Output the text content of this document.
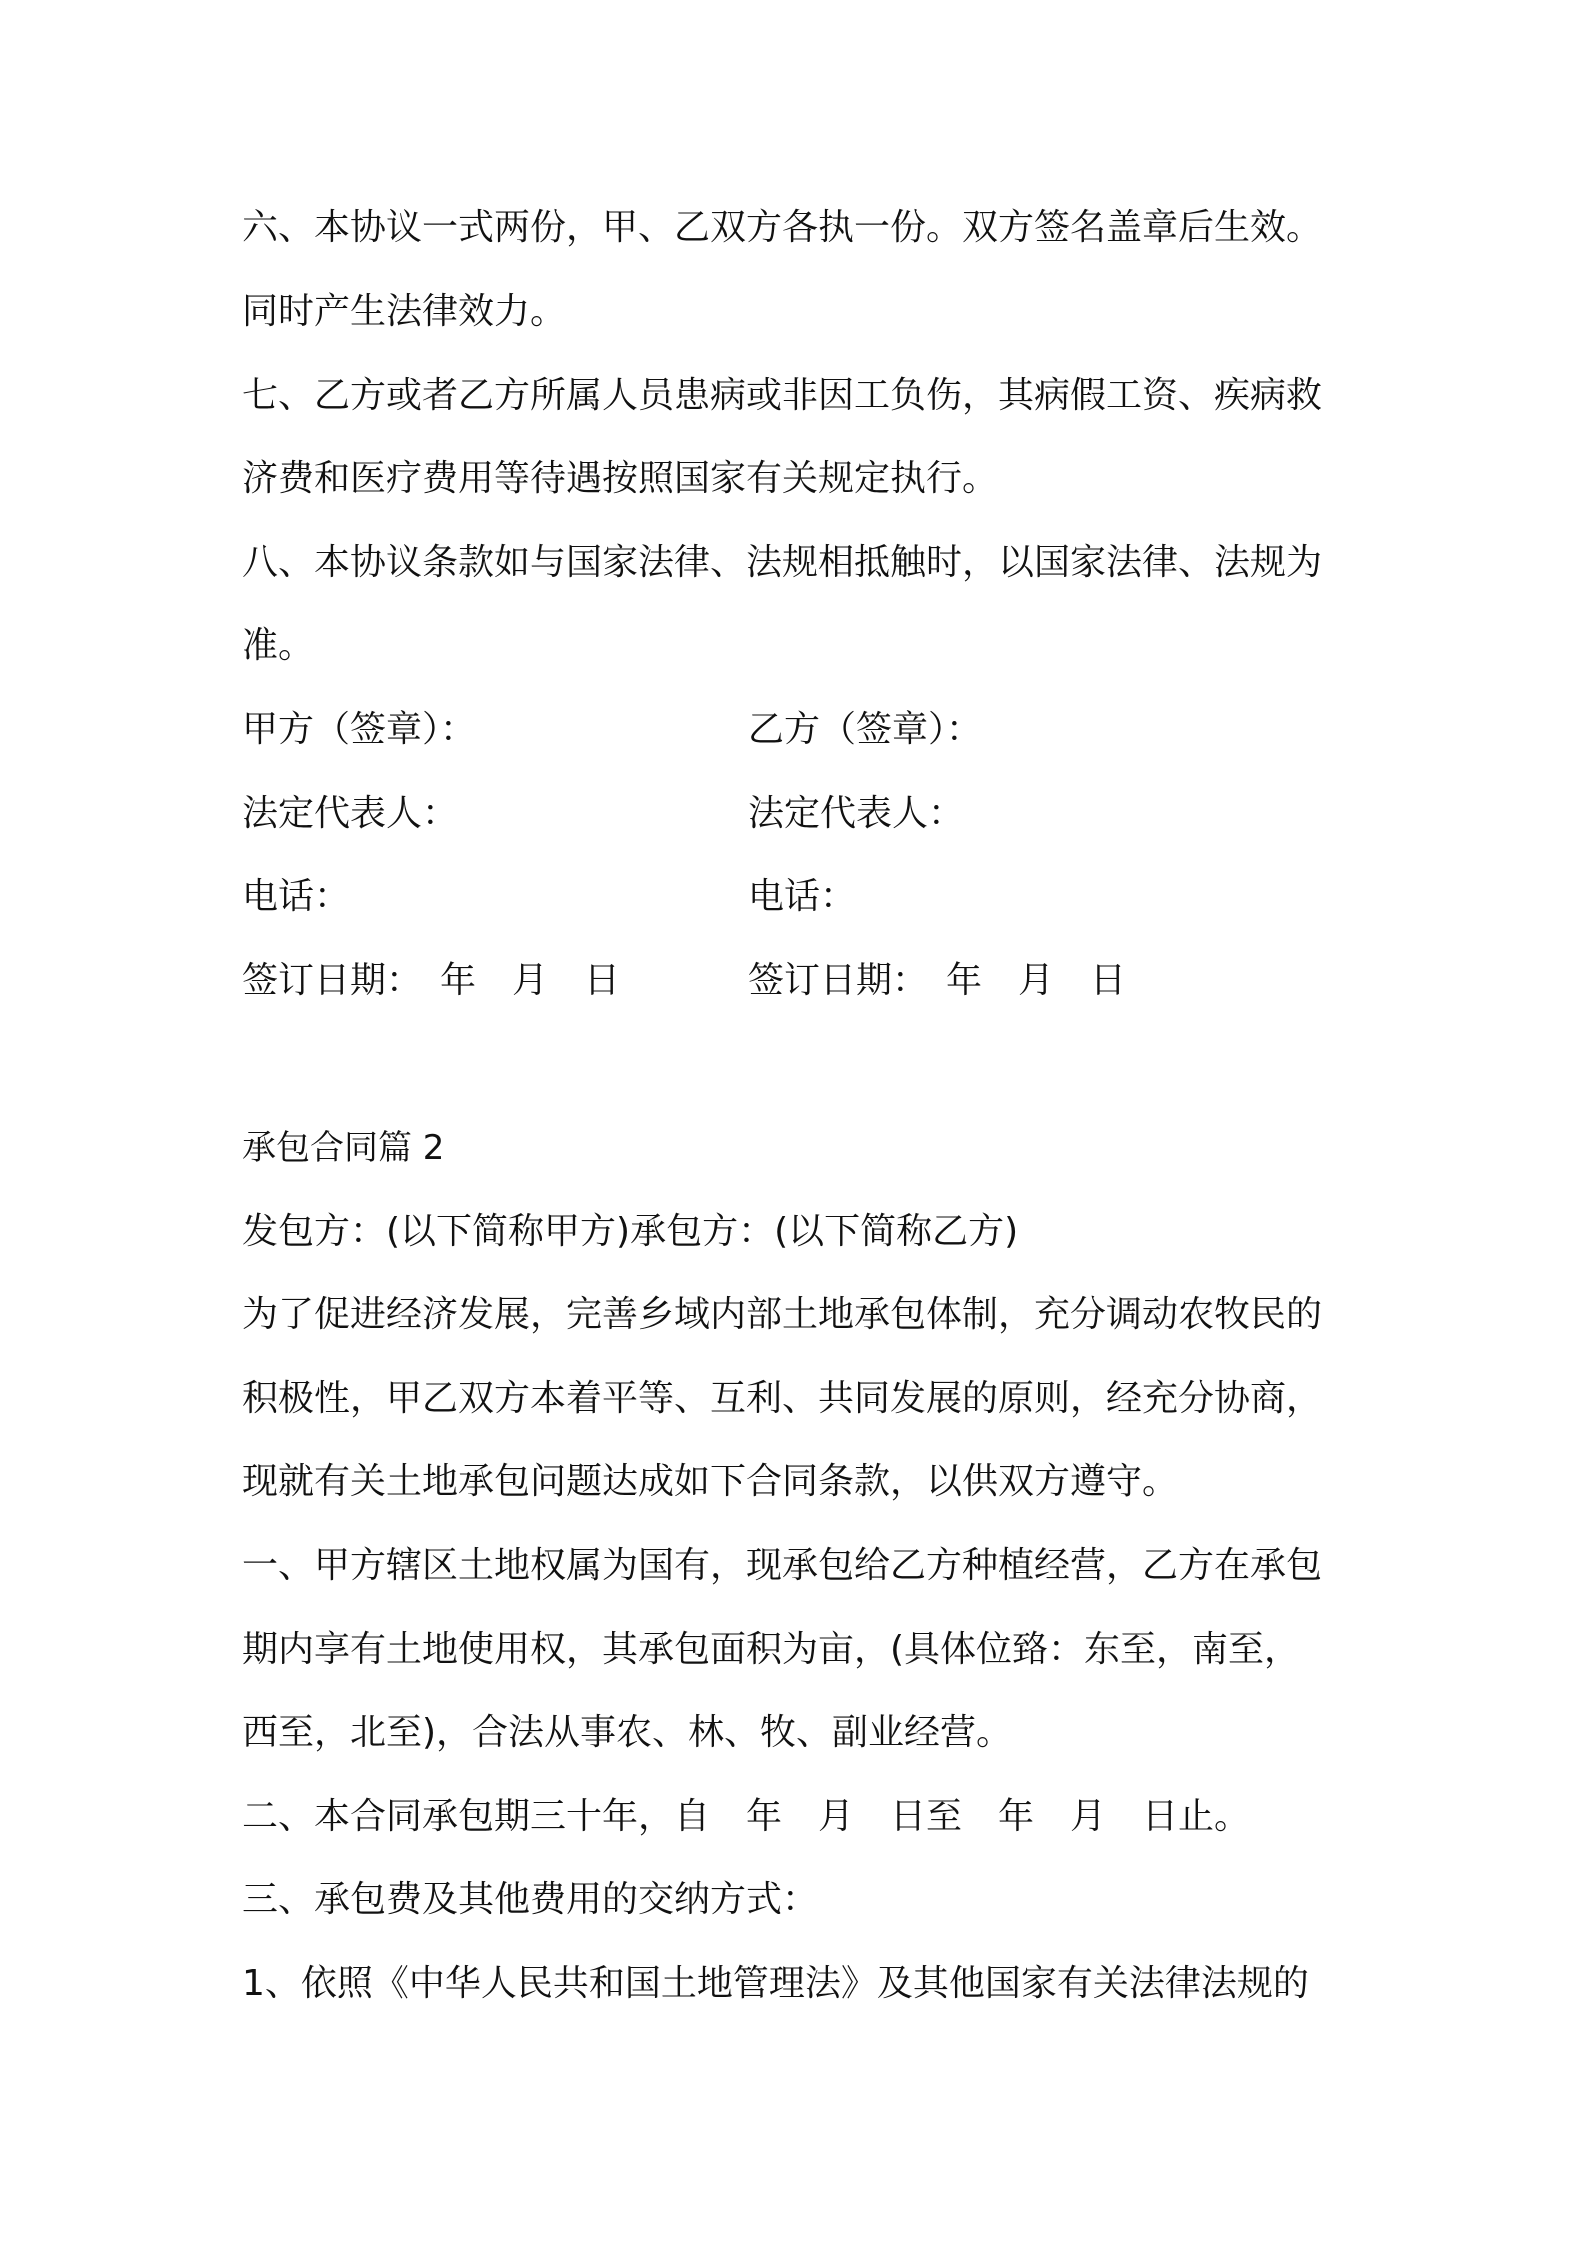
六、本协议一式两份，甲、乙双方各执一份。双方签名盖章后生效。
同时产生法律效力。
七、乙方或者乙方所属人员患病或非因工负伤，其病假工资、疾病救
济费和医疗费用等待遇按照国家有关规定执行。
八、本协议条款如与国家法律、法规相抵触时，以国家法律、法规为
准。
甲方（签章）：	乙方（签章）：
法定代表人：	法定代表人：
电话：	电话：
签订日期：　年　月　日	签订日期：　年　月　日
承包合同篇 2
发包方：(以下简称甲方)承包方：(以下简称乙方)
为了促进经济发展，完善乡域内部土地承包体制，充分调动农牧民的
积极性，甲乙双方本着平等、互利、共同发展的原则，经充分协商，
现就有关土地承包问题达成如下合同条款，以供双方遵守。
一、甲方辖区土地权属为国有，现承包给乙方种植经营，乙方在承包
期内享有土地使用权，其承包面积为亩，(具体位臵：东至，南至，
西至，北至)，合法从事农、林、牧、副业经营。
二、本合同承包期三十年，自　年　月　日至　年　月　日止。
三、承包费及其他费用的交纳方式：
1、依照《中华人民共和国土地管理法》及其他国家有关法律法规的
